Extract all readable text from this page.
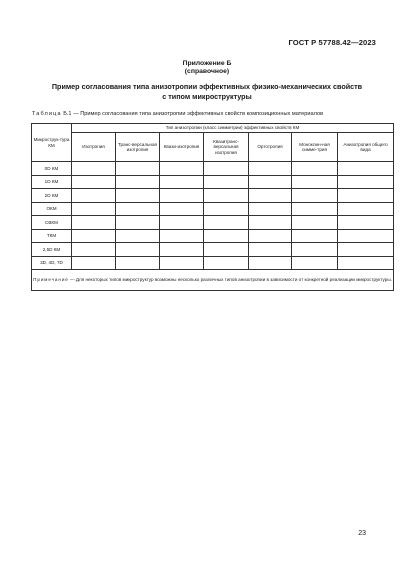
ГОСТ Р 57788.42—2023
Приложение Б
(справочное)
Пример согласования типа анизотропии эффективных физико-механических свойств
с типом микроструктуры
Таблица Б.1 — Пример согласования типа анизотропии эффективных свойств композиционных материалов
Микрострук-тура КМ	Тип анизотропии (класс симметрии) эффективных свойств КМ						
	Изотропия	Транс-версальная изотропия	Квази-изотропия	Квазитранс-версальная изотропия	Ортотропия	Моноклин-ная симме-трия	Анизотропия общего вида
0D КМ							
1D КМ							
2D КМ							
ОКМ							
СВКМ							
ТКМ							
2,5D КМ							
3D, 4D, 7D							
Примечание — Для некоторых типов микроструктур возможны несколько различных типов анизотропии в зависимости от конкретной реализации микроструктуры.							
23
